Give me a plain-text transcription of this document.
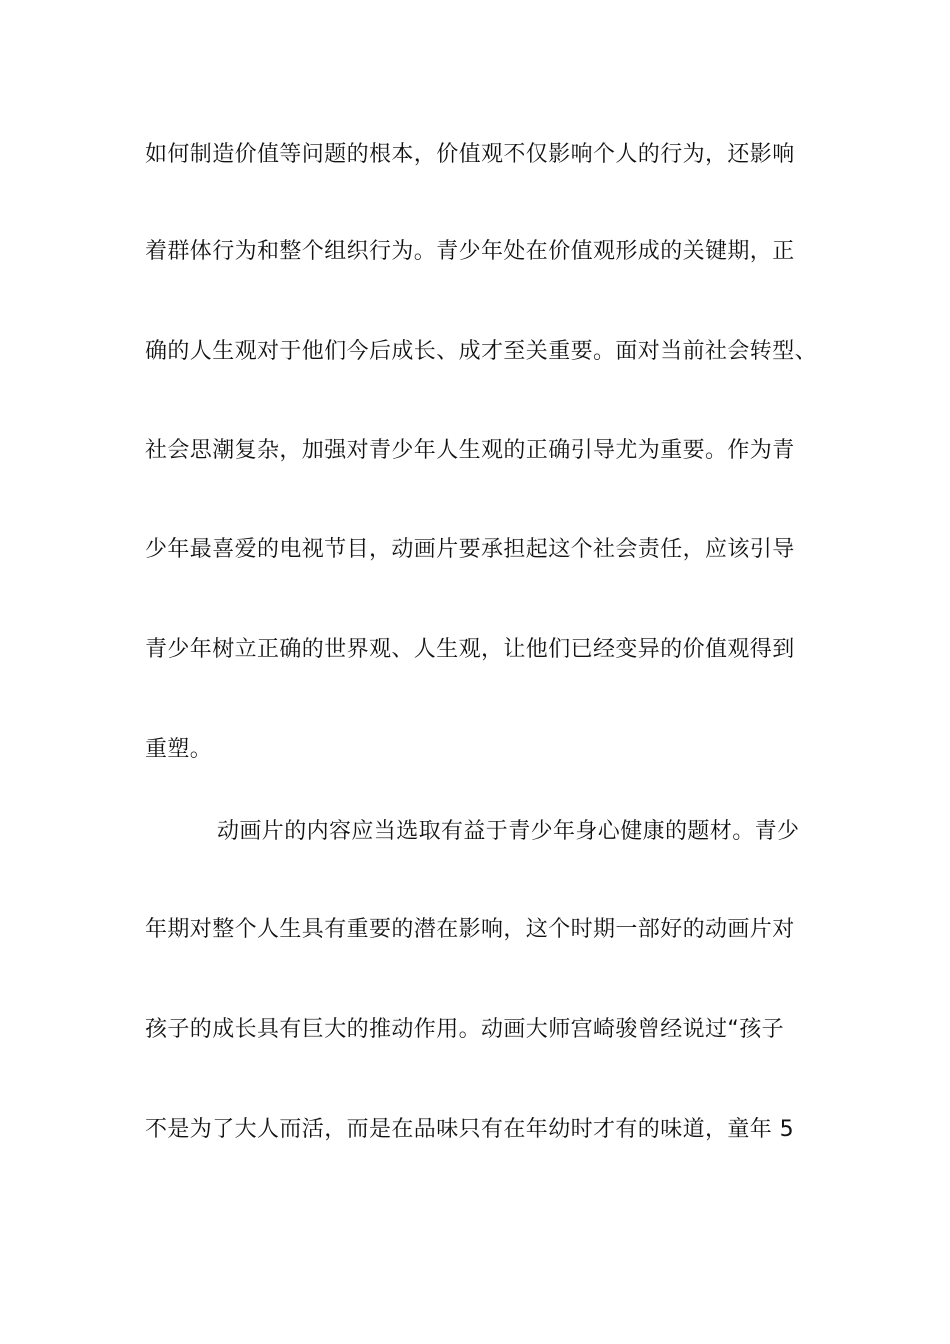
如何制造价值等问题的根本，价值观不仅影响个人的行为，还影响
着群体行为和整个组织行为。青少年处在价值观形成的关键期，正
确的人生观对于他们今后成长、成才至关重要。面对当前社会转型、
社会思潮复杂，加强对青少年人生观的正确引导尤为重要。作为青
少年最喜爱的电视节目，动画片要承担起这个社会责任，应该引导
青少年树立正确的世界观、人生观，让他们已经变异的价值观得到
重塑。
动画片的内容应当选取有益于青少年身心健康的题材。青少
年期对整个人生具有重要的潜在影响，这个时期一部好的动画片对
孩子的成长具有巨大的推动作用。动画大师宫崎骏曾经说过“孩子
不是为了大人而活，而是在品味只有在年幼时才有的味道，童年 5
